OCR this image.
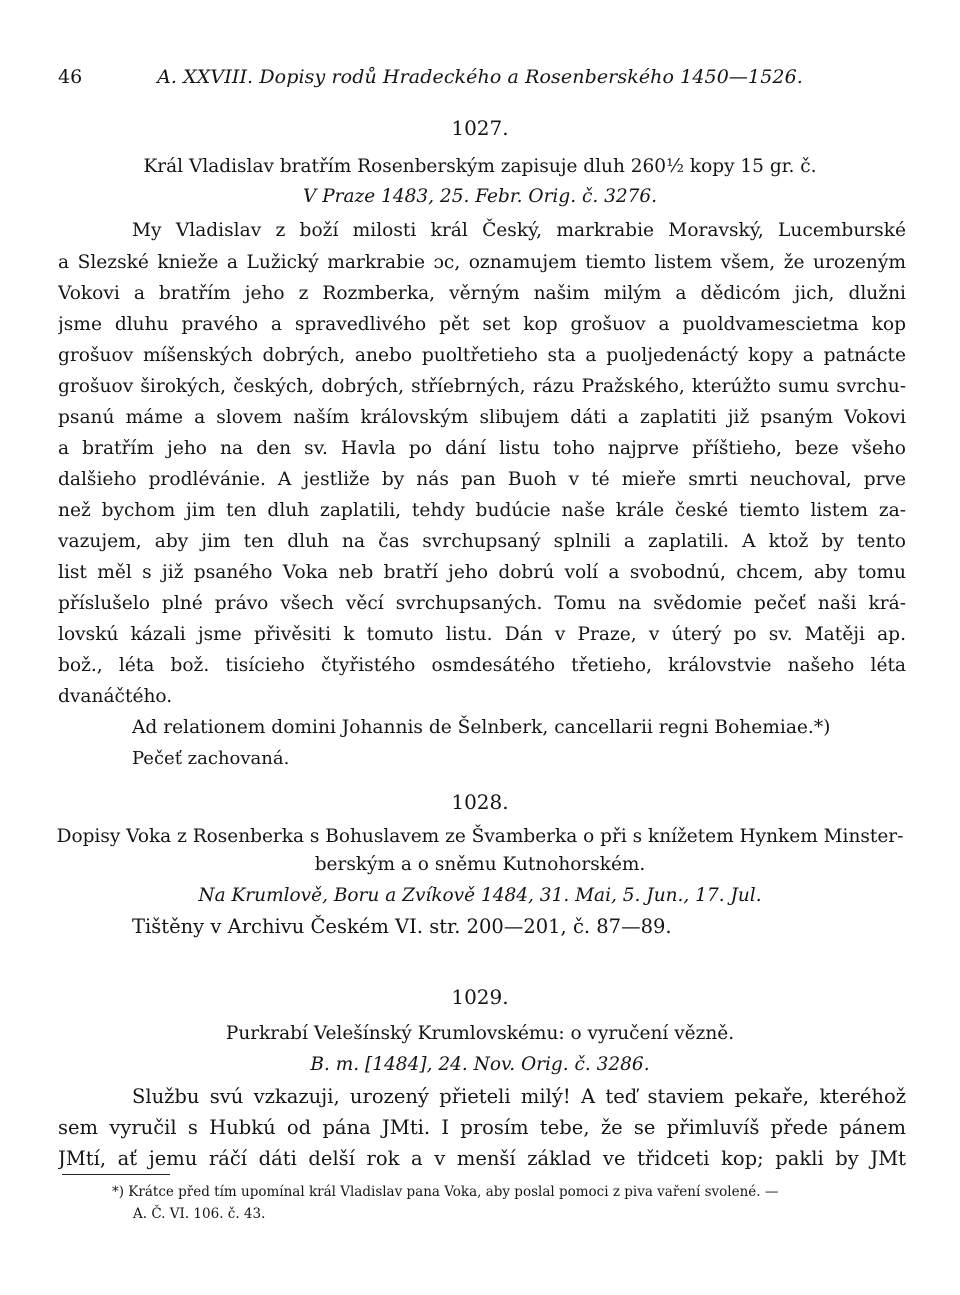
46	A. XXVIII. Dopisy rodů Hradeckého a Rosenberského 1450—1526.
1027.
Král Vladislav bratřím Rosenberským zapisuje dluh 260½ kopy 15 gr. č.
V Praze 1483, 25. Febr. Orig. č. 3276.
My Vladislav z boží milosti král Český, markrabie Moravský, Lucemburské
a Slezské knieže a Lužický markrabie ɔc, oznamujem tiemto listem všem, že urozeným
Vokovi a bratřím jeho z Rozmberka, věrným našim milým a dědicóm jich, dlužni
jsme dluhu pravého a spravedlivého pět set kop grošuov a puoldvamescietma kop
grošuov míšenských dobrých, anebo puoltřetieho sta a puoljedenáctý kopy a patnácte
grošuov širokých, českých, dobrých, stříebrných, rázu Pražského, kterúžto sumu svrchu-
psanú máme a slovem naším královským slibujem dáti a zaplatiti již psaným Vokovi
a bratřím jeho na den sv. Havla po dání listu toho najprve příštieho, beze všeho
dalšieho prodlévánie. A jestliže by nás pan Buoh v té mieře smrti neuchoval, prve
než bychom jim ten dluh zaplatili, tehdy budúcie naše krále české tiemto listem za-
vazujem, aby jim ten dluh na čas svrchupsaný splnili a zaplatili. A ktož by tento
list měl s již psaného Voka neb bratří jeho dobrú volí a svobodnú, chcem, aby tomu
příslušelo plné právo všech věcí svrchupsaných. Tomu na svědomie pečeť naši krá-
lovskú kázali jsme přivěsiti k tomuto listu. Dán v Praze, v úterý po sv. Matěji ap.
bož., léta bož. tisícieho čtyřistého osmdesátého třetieho, královstvie našeho léta
dvanáčtého.
Ad relationem domini Johannis de Šelnberk, cancellarii regni Bohemiae.*)
Pečeť zachovaná.
1028.
Dopisy Voka z Rosenberka s Bohuslavem ze Švamberka o při s knížetem Hynkem Minster-
berským a o sněmu Kutnohorském.
Na Krumlově, Boru a Zvíkově 1484, 31. Mai, 5. Jun., 17. Jul.
Tištěny v Archivu Českém VI. str. 200—201, č. 87—89.
1029.
Purkrabí Velešínský Krumlovskému: o vyručení vězně.
B. m. [1484], 24. Nov. Orig. č. 3286.
Službu svú vzkazuji, urozený přieteli milý! A teď staviem pekaře, kteréhož
sem vyručil s Hubkú od pána JMti. I prosím tebe, že se přimluvíš přede pánem
JMtí, ať jemu ráčí dáti delší rok a v menší základ ve třidceti kop; pakli by JMt
*) Krátce před tím upomínal král Vladislav pana Voka, aby poslal pomoci z piva vaření svolené. —
A. Č. VI. 106. č. 43.
